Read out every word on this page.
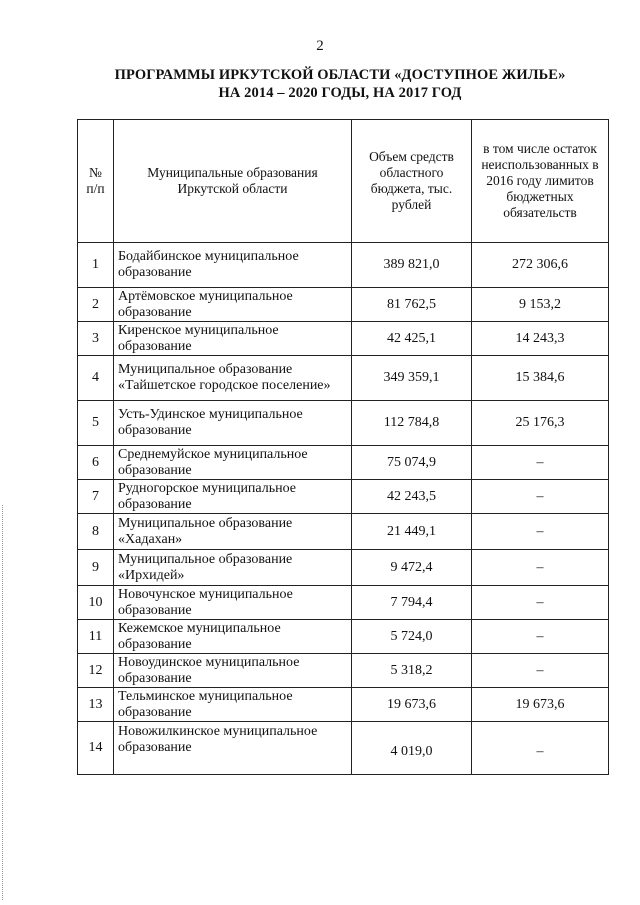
2
ПРОГРАММЫ ИРКУТСКОЙ ОБЛАСТИ «ДОСТУПНОЕ ЖИЛЬЕ»
НА 2014 – 2020 ГОДЫ, НА 2017 ГОД
№ п/п	Муниципальные образования Иркутской области	Объем средств областного бюджета, тыс. рублей	в том числе остаток неиспользованных в 2016 году лимитов бюджетных обязательств
1	Бодайбинское муниципальное образование	389 821,0	272 306,6
2	Артёмовское муниципальное образование	81 762,5	9 153,2
3	Киренское муниципальное образование	42 425,1	14 243,3
4	Муниципальное образование «Тайшетское городское поселение»	349 359,1	15 384,6
5	Усть-Удинское муниципальное образование	112 784,8	25 176,3
6	Среднемуйское муниципальное образование	75 074,9	–
7	Рудногорское муниципальное образование	42 243,5	–
8	Муниципальное образование «Хадахан»	21 449,1	–
9	Муниципальное образование «Ирхидей»	9 472,4	–
10	Новочунское муниципальное образование	7 794,4	–
11	Кежемское муниципальное образование	5 724,0	–
12	Новоудинское муниципальное образование	5 318,2	–
13	Тельминское муниципальное образование	19 673,6	19 673,6
14	Новожилкинское муниципальное образование	4 019,0	–
